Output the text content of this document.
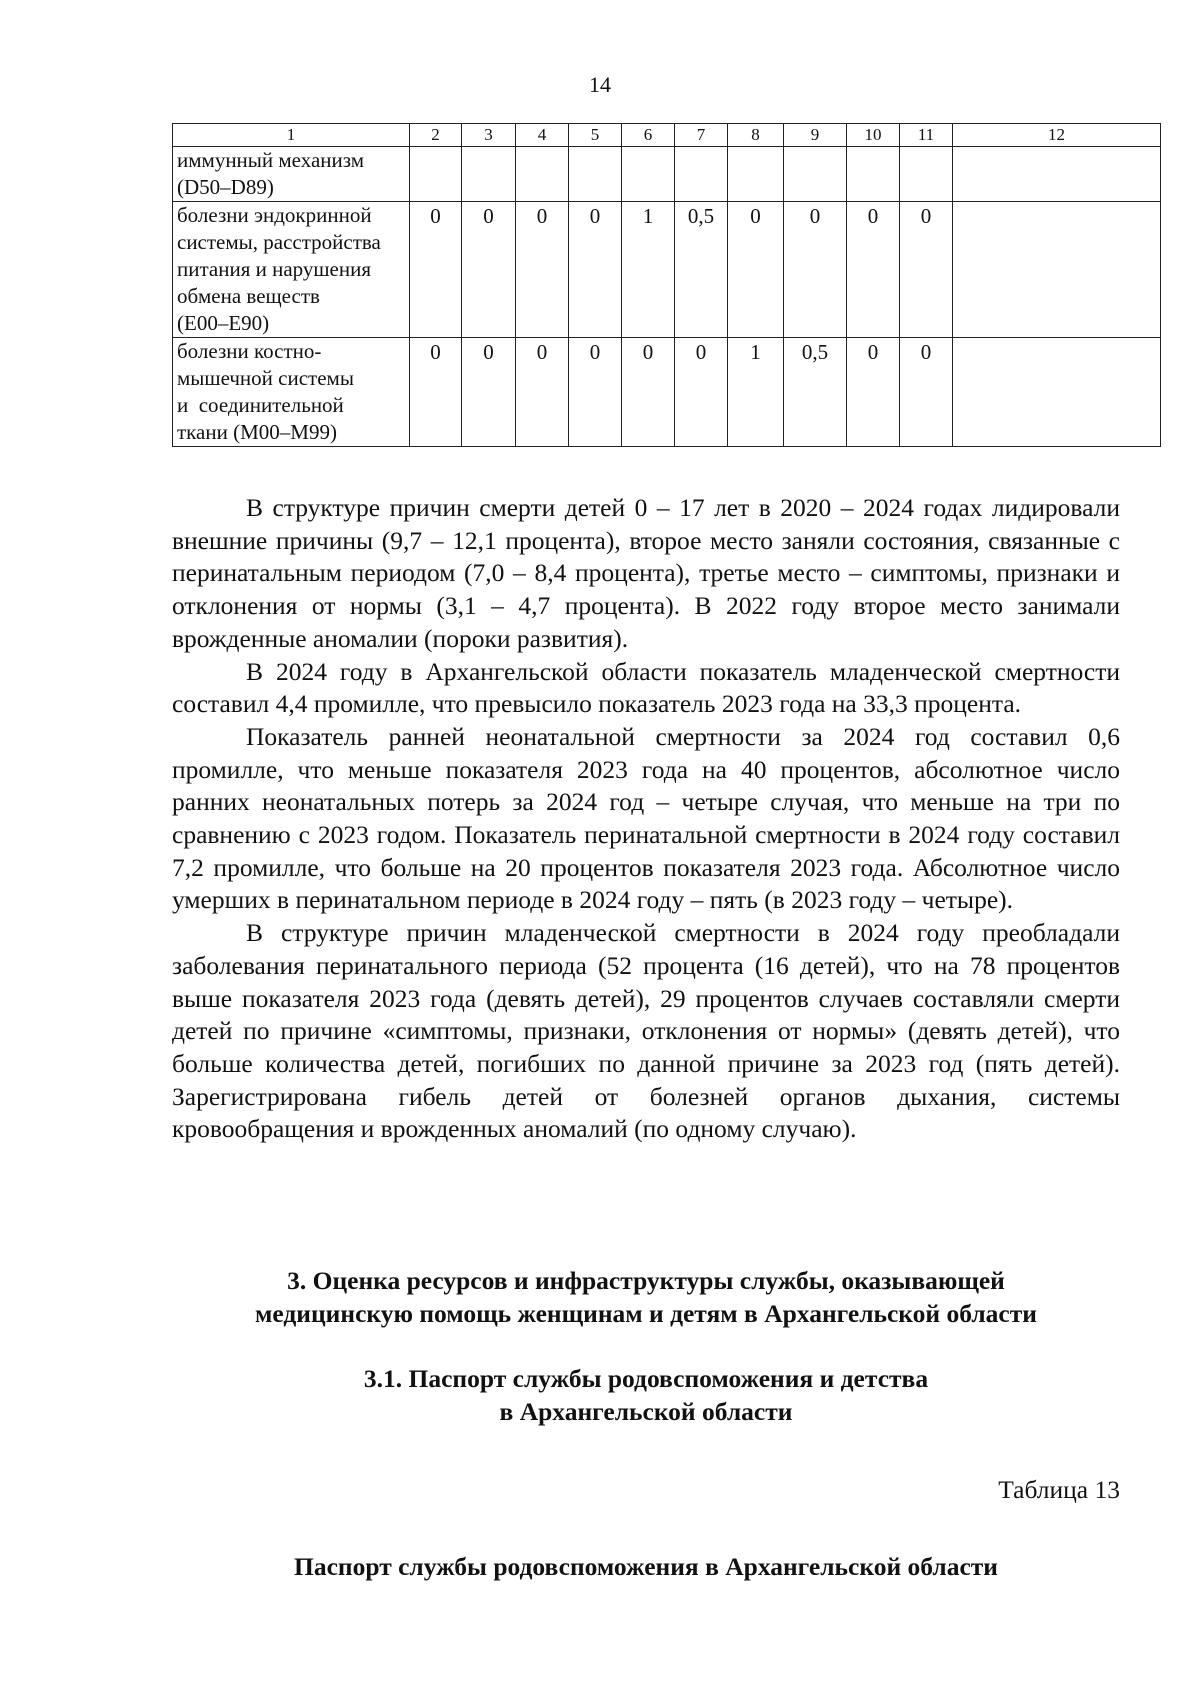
14
1	2	3	4	5	6	7	8	9	10	11	12

иммунный механизм
(D50–D89)											

болезни эндокринной
системы, расстройства
питания и нарушения
обмена веществ
(E00–E90)	0	0	0	0	1	0,5	0	0	0	0	

болезни костно-
мышечной системы
и  соединительной
ткани (M00–M99)	0	0	0	0	0	0	1	0,5	0	0	

В структуре причин смерти детей 0 – 17 лет в 2020 – 2024 годах лидировали внешние причины (9,7 – 12,1 процента), второе место заняли состояния, связанные с перинатальным периодом (7,0 – 8,4 процента), третье место – симптомы, признаки и отклонения от нормы (3,1 – 4,7 процента). В 2022 году второе место занимали врожденные аномалии (пороки развития).

В 2024 году в Архангельской области показатель младенческой смертности составил 4,4 промилле, что превысило показатель 2023 года на 33,3 процента.

Показатель ранней неонатальной смертности за 2024 год составил 0,6 промилле, что меньше показателя 2023 года на 40 процентов, абсолютное число ранних неонатальных потерь за 2024 год – четыре случая, что меньше на три по сравнению с 2023 годом. Показатель перинатальной смертности в 2024 году составил 7,2 промилле, что больше на 20 процентов показателя 2023 года. Абсолютное число умерших в перинатальном периоде в 2024 году – пять (в 2023 году – четыре).

В структуре причин младенческой смертности в 2024 году преобладали заболевания перинатального периода (52 процента (16 детей), что на 78 процентов выше показателя 2023 года (девять детей), 29 процентов случаев составляли смерти детей по причине «симптомы, признаки, отклонения от нормы» (девять детей), что больше количества детей, погибших по данной причине за 2023 год (пять детей). Зарегистрирована гибель детей от болезней органов дыхания, системы кровообращения и врожденных аномалий (по одному случаю).

3. Оценка ресурсов и инфраструктуры службы, оказывающей
медицинскую помощь женщинам и детям в Архангельской области
3.1. Паспорт службы родовспоможения и детства
в Архангельской области
Таблица 13
Паспорт службы родовспоможения в Архангельской области
